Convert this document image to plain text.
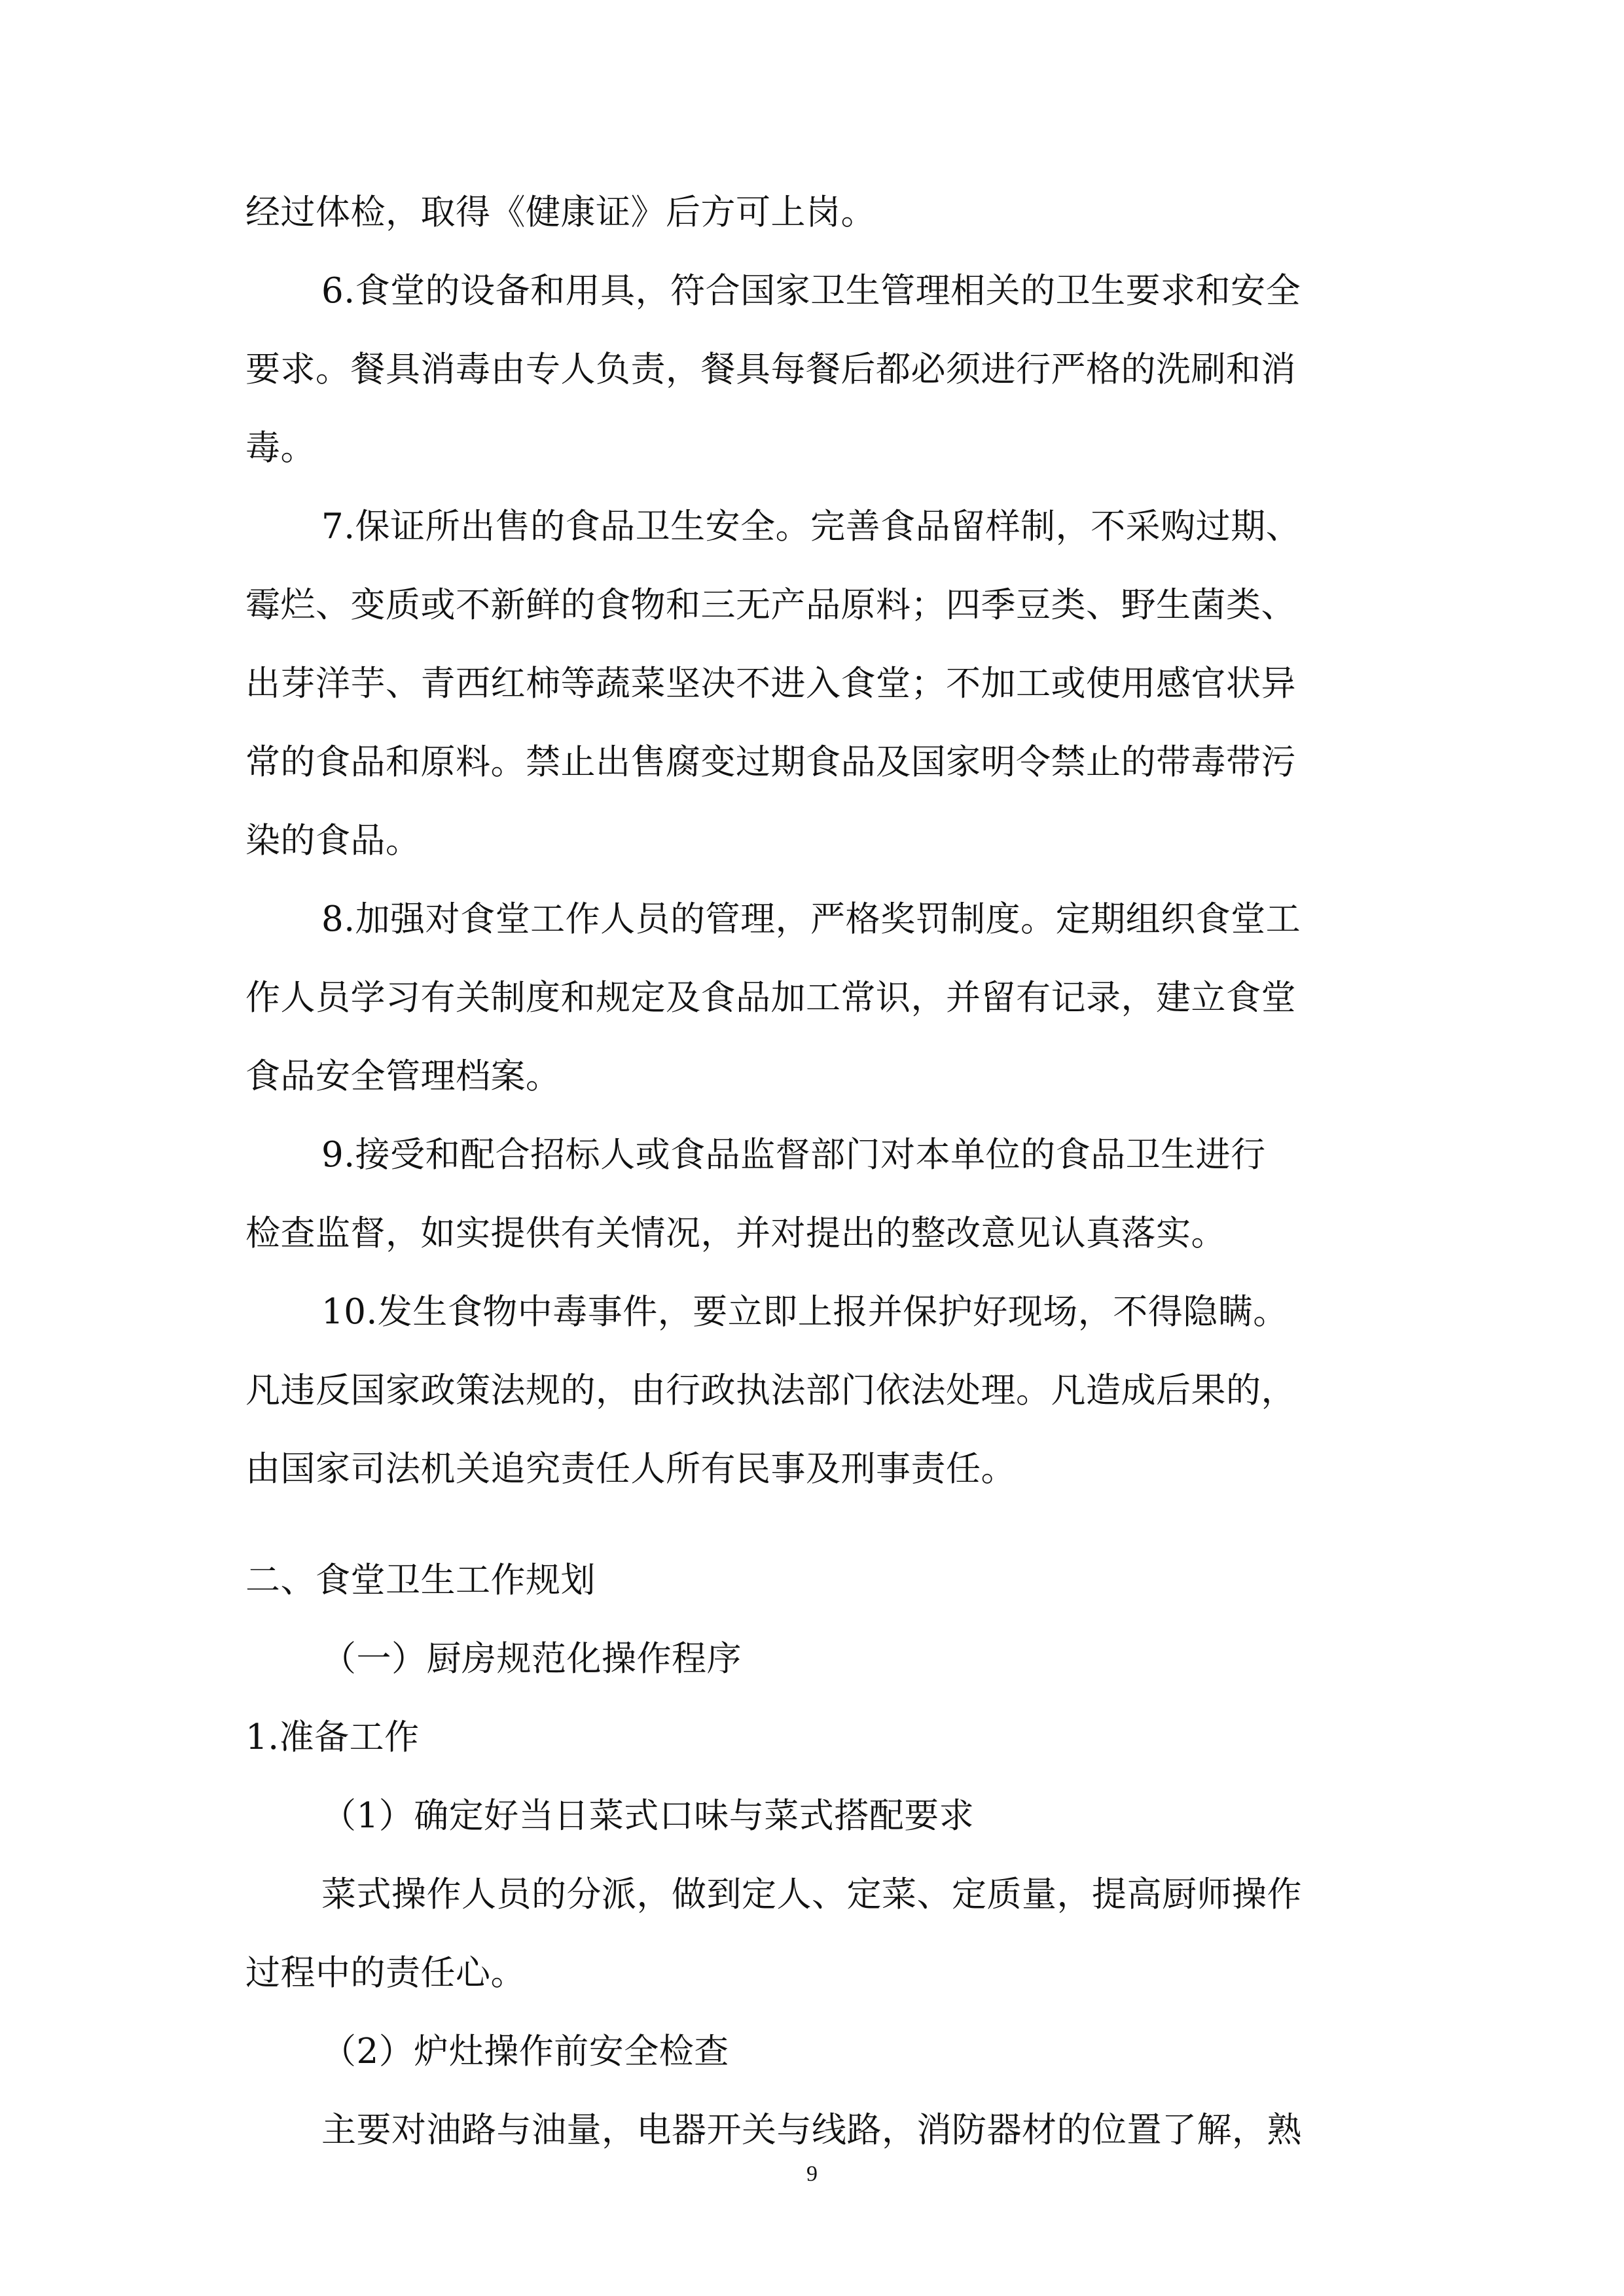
经过体检，取得《健康证》后方可上岗。
6.食堂的设备和用具，符合国家卫生管理相关的卫生要求和安全
要求。餐具消毒由专人负责，餐具每餐后都必须进行严格的洗刷和消
毒。
7.保证所出售的食品卫生安全。完善食品留样制，不采购过期、
霉烂、变质或不新鲜的食物和三无产品原料；四季豆类、野生菌类、
出芽洋芋、青西红柿等蔬菜坚决不进入食堂；不加工或使用感官状异
常的食品和原料。禁止出售腐变过期食品及国家明令禁止的带毒带污
染的食品。
8.加强对食堂工作人员的管理，严格奖罚制度。定期组织食堂工
作人员学习有关制度和规定及食品加工常识，并留有记录，建立食堂
食品安全管理档案。
9.接受和配合招标人或食品监督部门对本单位的食品卫生进行
检查监督，如实提供有关情况，并对提出的整改意见认真落实。
10.发生食物中毒事件，要立即上报并保护好现场，不得隐瞒。
凡违反国家政策法规的，由行政执法部门依法处理。凡造成后果的，
由国家司法机关追究责任人所有民事及刑事责任。
二、食堂卫生工作规划
（一）厨房规范化操作程序
1.准备工作
（1）确定好当日菜式口味与菜式搭配要求
菜式操作人员的分派，做到定人、定菜、定质量，提高厨师操作
过程中的责任心。
（2）炉灶操作前安全检查
主要对油路与油量，电器开关与线路，消防器材的位置了解，熟
9
